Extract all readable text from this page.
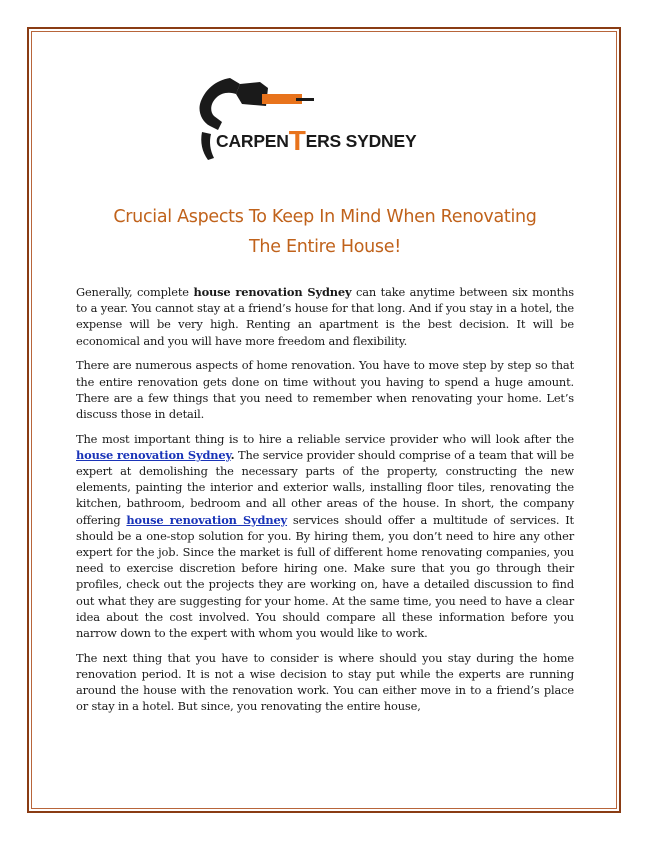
CARPENTERS SYDNEY
Crucial Aspects To Keep In Mind When Renovating
The Entire House!

Generally, complete house renovation Sydney can take anytime between six months to a year. You cannot stay at a friend’s house for that long. And if you stay in a hotel, the expense will be very high. Renting an apartment is the best decision. It will be economical and you will have more freedom and flexibility.

There are numerous aspects of home renovation. You have to move step by step so that the entire renovation gets done on time without you having to spend a huge amount. There are a few things that you need to remember when renovating your home. Let’s discuss those in detail.

The most important thing is to hire a reliable service provider who will look after the house renovation Sydney. The service provider should comprise of a team that will be expert at demolishing the necessary parts of the property, constructing the new elements, painting the interior and exterior walls, installing floor tiles, renovating the kitchen, bathroom, bedroom and all other areas of the house. In short, the company offering house renovation Sydney services should offer a multitude of services. It should be a one-stop solution for you. By hiring them, you don’t need to hire any other expert for the job. Since the market is full of different home renovating companies, you need to exercise discretion before hiring one. Make sure that you go through their profiles, check out the projects they are working on, have a detailed discussion to find out what they are suggesting for your home. At the same time, you need to have a clear idea about the cost involved. You should compare all these information before you narrow down to the expert with whom you would like to work.

The next thing that you have to consider is where should you stay during the home renovation period. It is not a wise decision to stay put while the experts are running around the house with the renovation work. You can either move in to a friend’s place or stay in a hotel. But since, you renovating the entire house,
